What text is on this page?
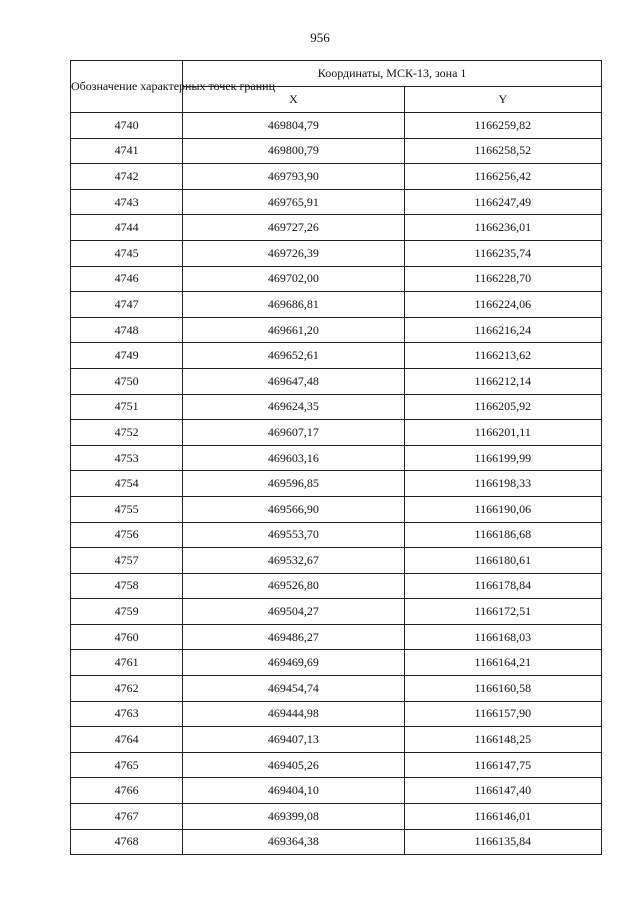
956
Обозначение характерных точек границ	Координаты, МСК-13, зона 1	
	X	Y
4740	469804,79	1166259,82
4741	469800,79	1166258,52
4742	469793,90	1166256,42
4743	469765,91	1166247,49
4744	469727,26	1166236,01
4745	469726,39	1166235,74
4746	469702,00	1166228,70
4747	469686,81	1166224,06
4748	469661,20	1166216,24
4749	469652,61	1166213,62
4750	469647,48	1166212,14
4751	469624,35	1166205,92
4752	469607,17	1166201,11
4753	469603,16	1166199,99
4754	469596,85	1166198,33
4755	469566,90	1166190,06
4756	469553,70	1166186,68
4757	469532,67	1166180,61
4758	469526,80	1166178,84
4759	469504,27	1166172,51
4760	469486,27	1166168,03
4761	469469,69	1166164,21
4762	469454,74	1166160,58
4763	469444,98	1166157,90
4764	469407,13	1166148,25
4765	469405,26	1166147,75
4766	469404,10	1166147,40
4767	469399,08	1166146,01
4768	469364,38	1166135,84
